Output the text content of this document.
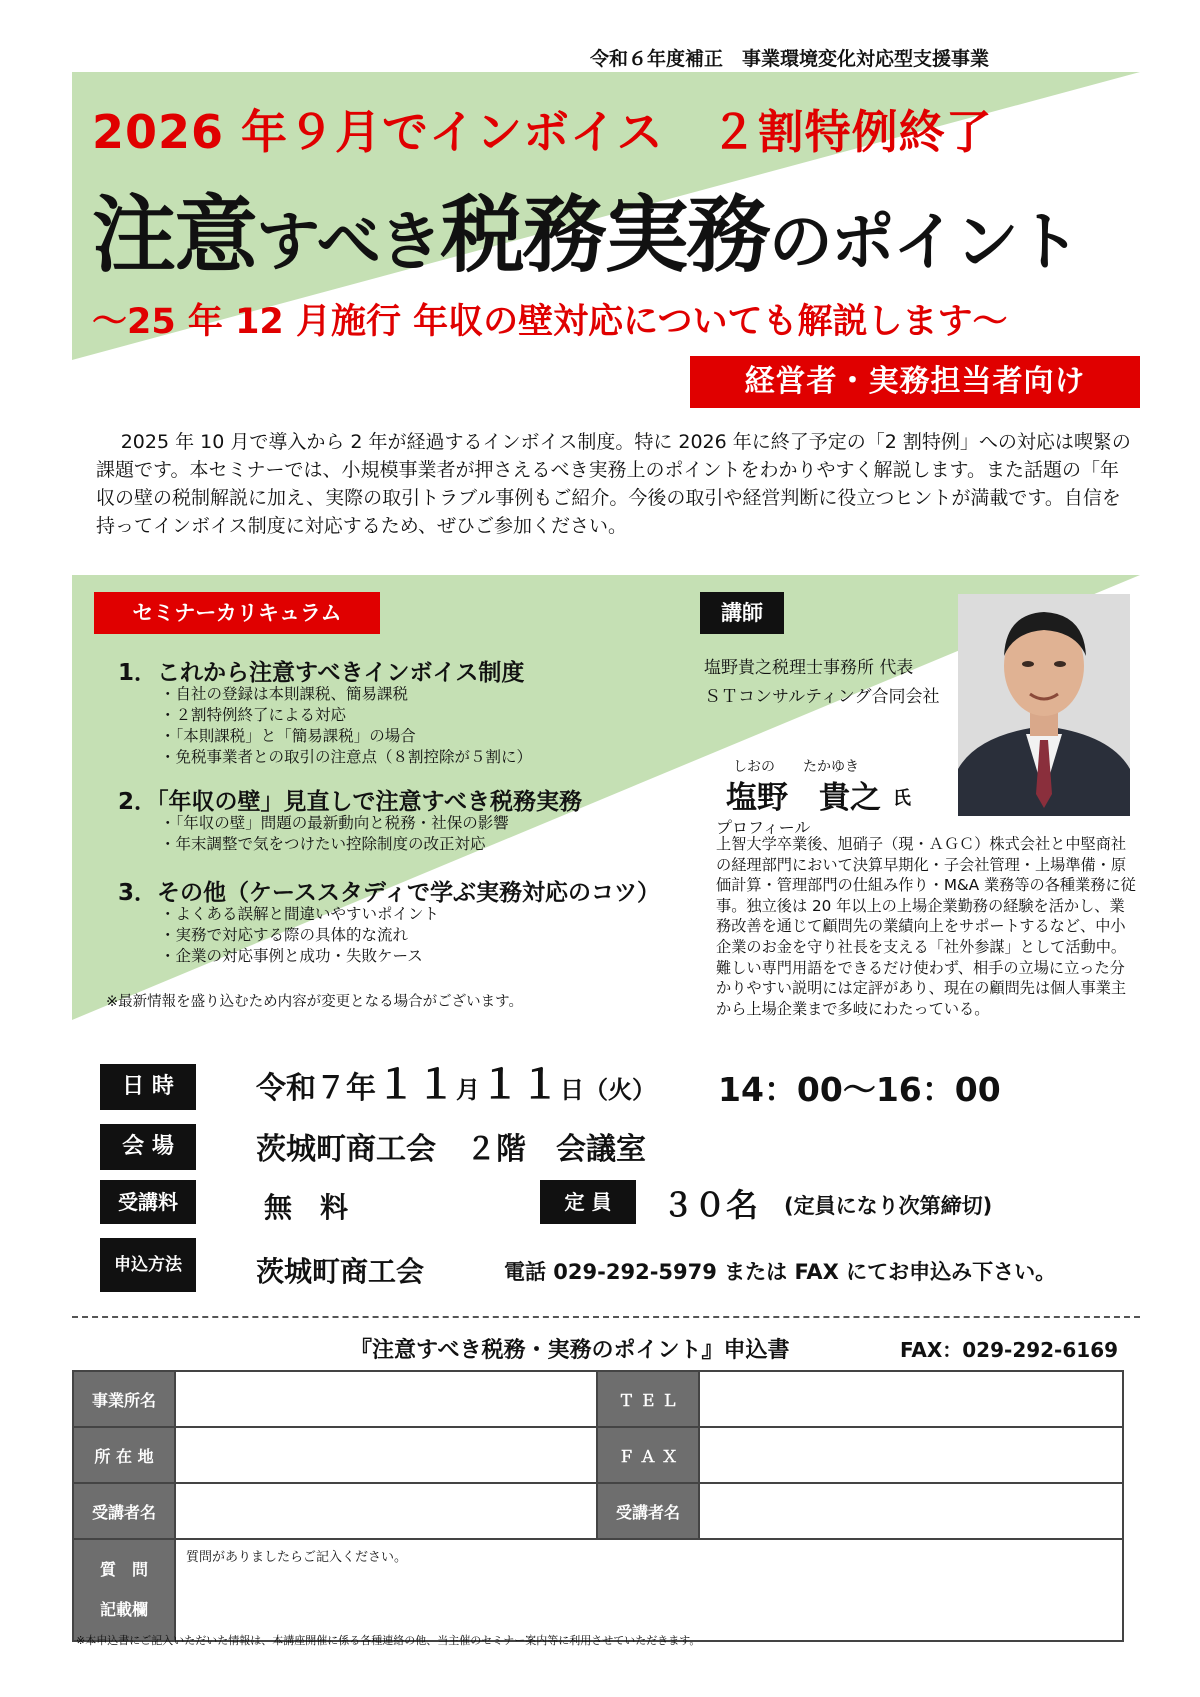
令和６年度補正　事業環境変化対応型支援事業
2026 年９月でインボイス　２割特例終了
注意すべき税務実務のポイント
～25 年 12 月施行 年収の壁対応についても解説します～
経営者・実務担当者向け
2025 年 10 月で導入から 2 年が経過するインボイス制度。特に 2026 年に終了予定の「2 割特例」への対応は喫緊の課題です。本セミナーでは、小規模事業者が押さえるべき実務上のポイントをわかりやすく解説します。また話題の「年収の壁の税制解説に加え、実際の取引トラブル事例もご紹介。今後の取引や経営判断に役立つヒントが満載です。自信を持ってインボイス制度に対応するため、ぜひご参加ください。
セミナーカリキュラム
1．これから注意すべきインボイス制度
・自社の登録は本則課税、簡易課税
・２割特例終了による対応
・「本則課税」と「簡易課税」の場合
・免税事業者との取引の注意点（８割控除が５割に）
2．「年収の壁」見直しで注意すべき税務実務
・「年収の壁」問題の最新動向と税務・社保の影響
・年末調整で気をつけたい控除制度の改正対応
3．その他（ケーススタディで学ぶ実務対応のコツ）
・よくある誤解と間違いやすいポイント
・実務で対応する際の具体的な流れ
・企業の対応事例と成功・失敗ケース
※最新情報を盛り込むため内容が変更となる場合がございます。
講師
塩野貴之税理士事務所 代表
ＳＴコンサルティング合同会社
しおの　　たかゆき
塩野　貴之 氏
プロフィール
上智大学卒業後、旭硝子（現・ＡＧＣ）株式会社と中堅商社の経理部門において決算早期化・子会社管理・上場準備・原価計算・管理部門の仕組み作り・M&A 業務等の各種業務に従事。独立後は 20 年以上の上場企業勤務の経験を活かし、業務改善を通じて顧問先の業績向上をサポートするなど、中小企業のお金を守り社長を支える「社外参謀」として活動中。難しい専門用語をできるだけ使わず、相手の立場に立った分かりやすい説明には定評があり、現在の顧問先は個人事業主から上場企業まで多岐にわたっている。
日 時	令和７年１１月１１日（火） 14：00～16：00
会 場	茨城町商工会　２階　会議室
受講料	無　料	定 員	３０名 (定員になり次第締切)
申込方法	茨城町商工会	電話 029-292-5979 または FAX にてお申込み下さい。
『注意すべき税務・実務のポイント』申込書	FAX：029-292-6169
事業所名		Ｔ Ｅ Ｌ	
所 在 地		Ｆ Ａ Ｘ	
受講者名		受講者名	
質　問
記載欄	質問がありましたらご記入ください。		
※本申込書にご記入いただいた情報は、本講座開催に係る各種連絡の他、当主催のセミナー案内等に利用させていただきます。
